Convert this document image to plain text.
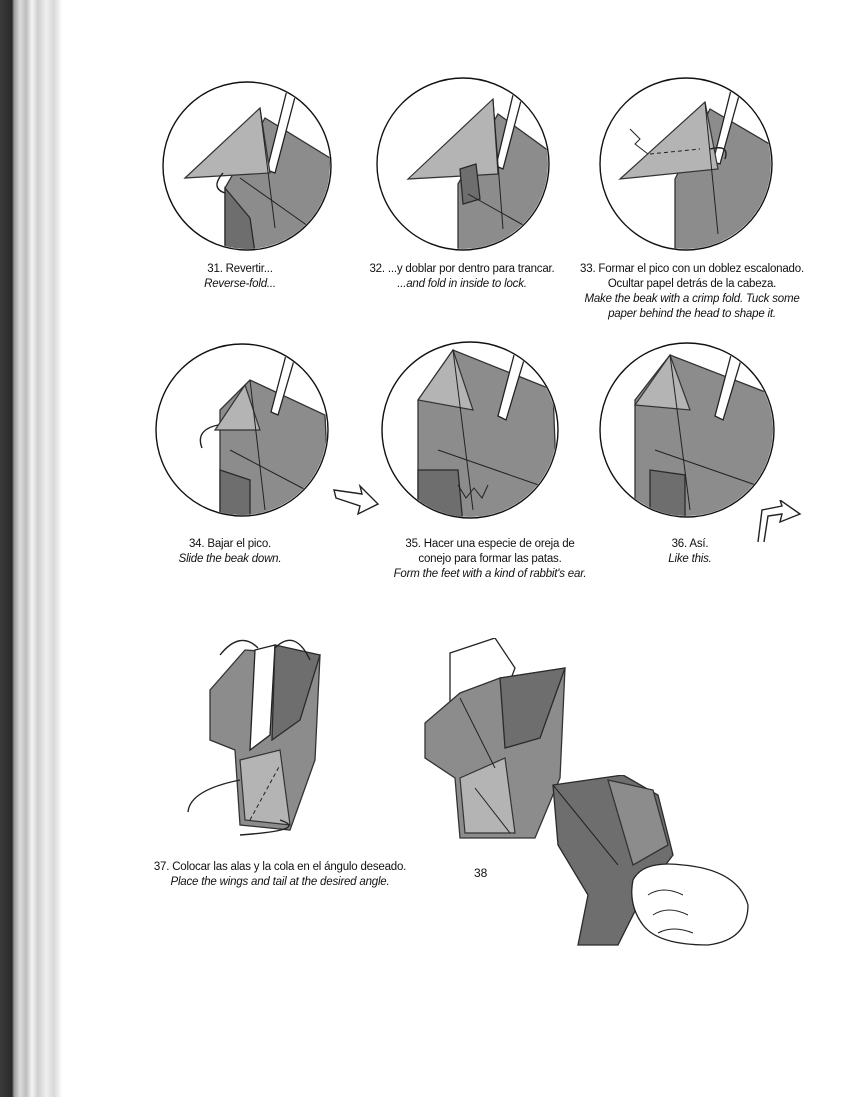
31. Revertir...
Reverse-fold...
32. ...y doblar por dentro para trancar.
...and fold in inside to lock.
33. Formar el pico con un doblez escalonado.
Ocultar papel detrás de la cabeza.
Make the beak with a crimp fold. Tuck some
paper behind the head to shape it.
34. Bajar el pico.
Slide the beak down.
35. Hacer una especie de oreja de
conejo para formar las patas.
Form the feet with a kind of rabbit's ear.
36. Así.
Like this.
37. Colocar las alas y la cola en el ángulo deseado.
Place the wings and tail at the desired angle.
38
